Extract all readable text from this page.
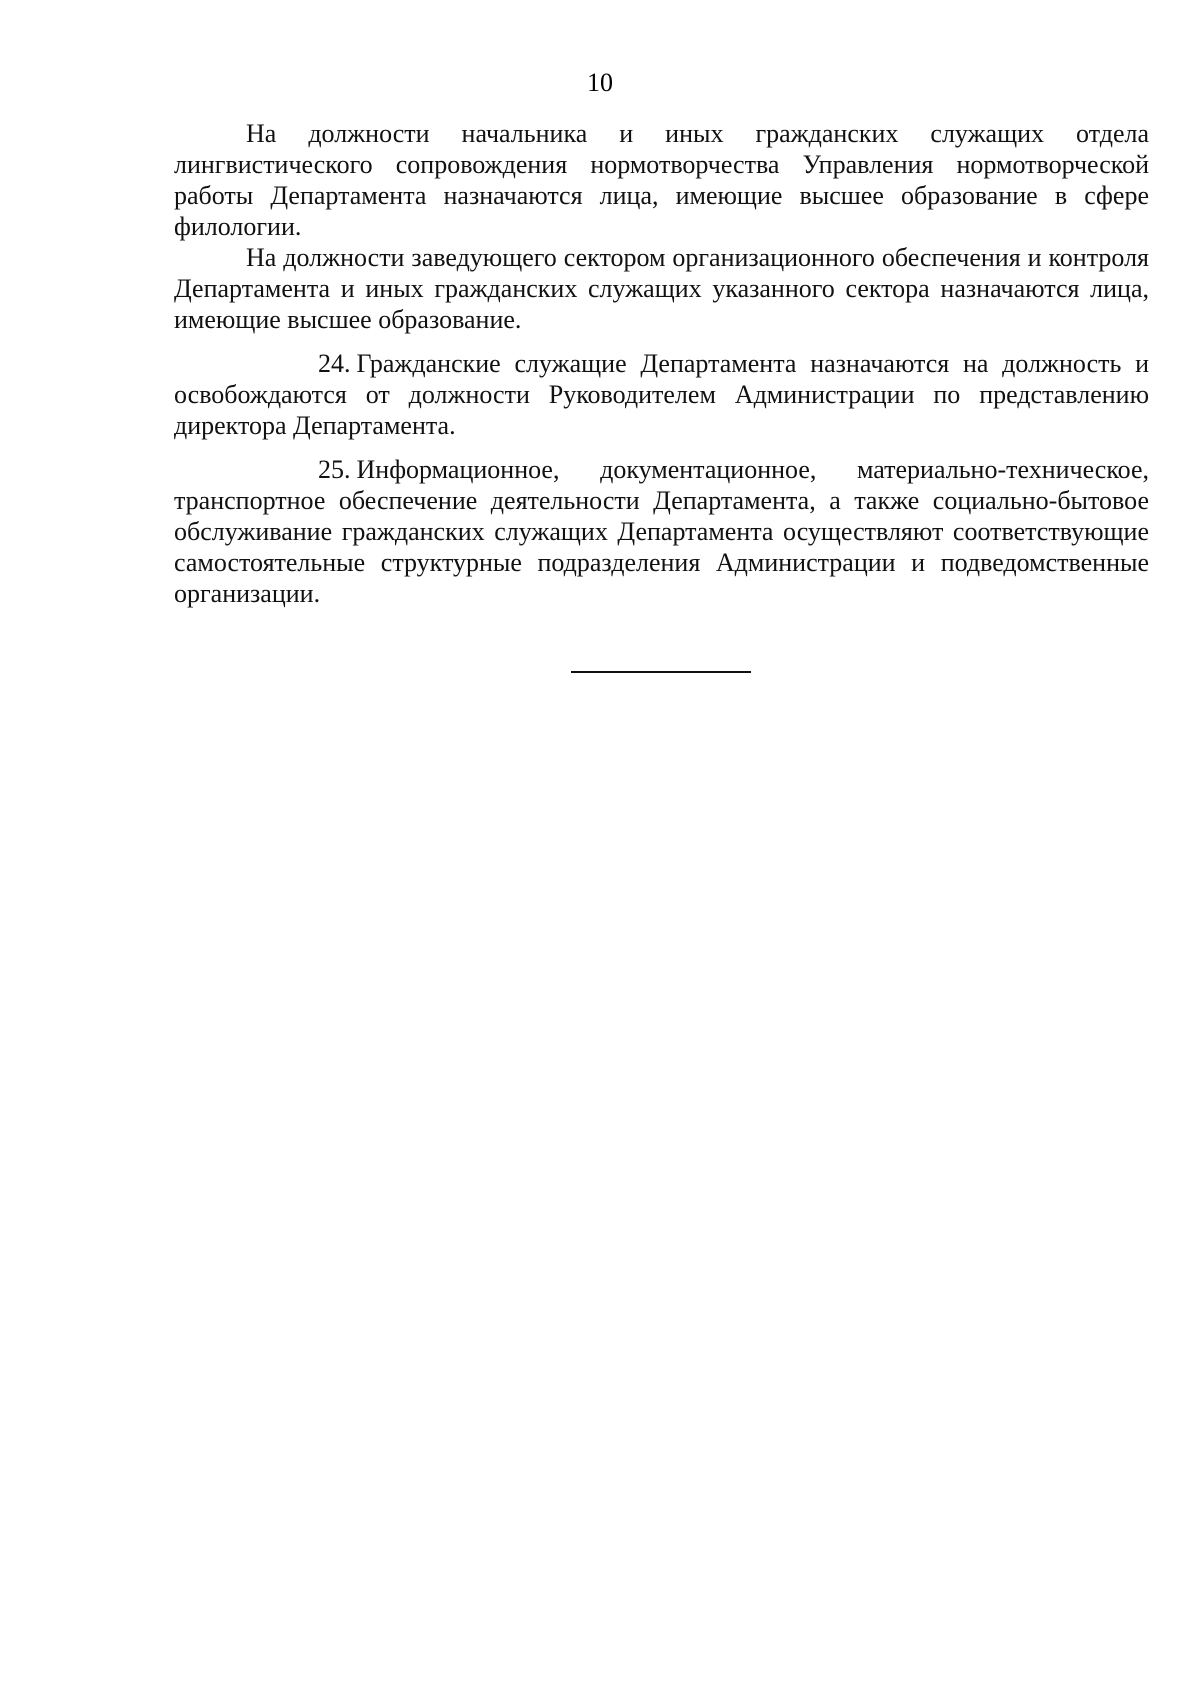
10

На должности начальника и иных гражданских служащих отдела лингвистического сопровождения нормотворчества Управления нормотворческой работы Департамента назначаются лица, имеющие высшее образование в сфере филологии.

На должности заведующего сектором организационного обеспечения и контроля Департамента и иных гражданских служащих указанного сектора назначаются лица, имеющие высшее образование.

24. Гражданские служащие Департамента назначаются на должность и освобождаются от должности Руководителем Администрации по представлению директора Департамента.

25. Информационное, документационное, материально-техническое, транспортное обеспечение деятельности Департамента, а также социально-бытовое обслуживание гражданских служащих Департамента осуществляют соответствующие самостоятельные структурные подразделения Администрации и подведомственные организации.
